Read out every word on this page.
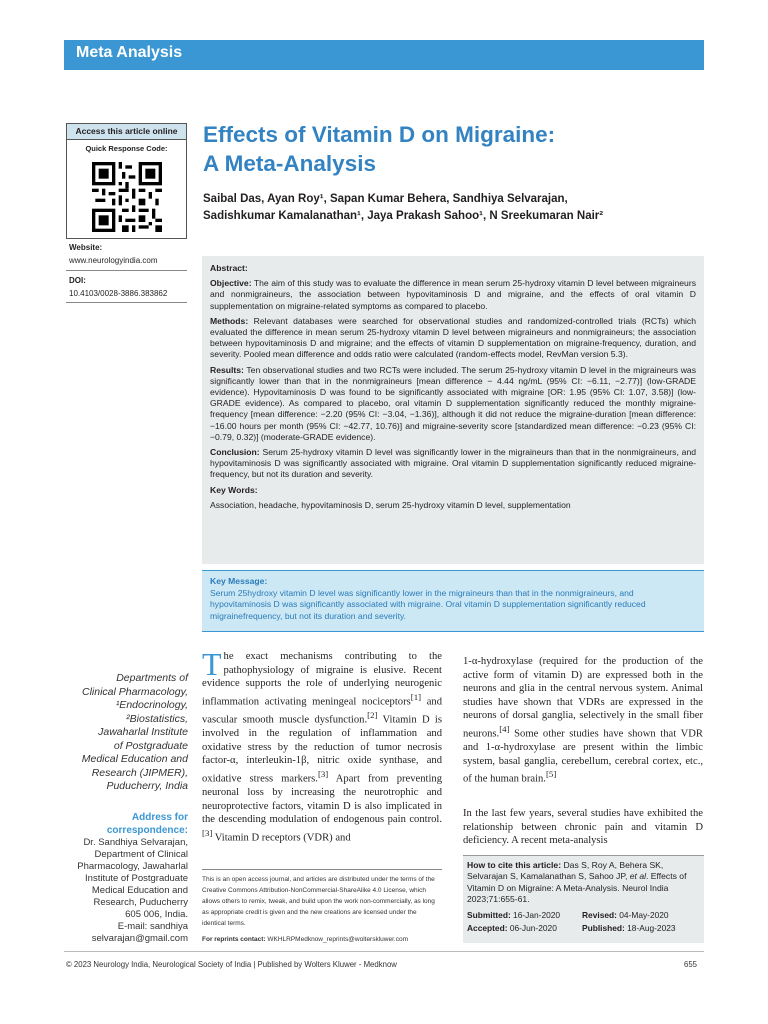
Meta Analysis
Access this article online
Quick Response Code:
Website:
www.neurologyindia.com
DOI:
10.4103/0028-3886.383862
Effects of Vitamin D on Migraine:
A Meta-Analysis
Saibal Das, Ayan Roy¹, Sapan Kumar Behera, Sandhiya Selvarajan,
Sadishkumar Kamalanathan¹, Jaya Prakash Sahoo¹, N Sreekumaran Nair²

Abstract:

Objective: The aim of this study was to evaluate the difference in mean serum 25-hydroxy vitamin D level between migraineurs and nonmigraineurs, the association between hypovitaminosis D and migraine, and the effects of oral vitamin D supplementation on migraine-related symptoms as compared to placebo.

Methods: Relevant databases were searched for observational studies and randomized-controlled trials (RCTs) which evaluated the difference in mean serum 25-hydroxy vitamin D level between migraineurs and nonmigraineurs; the association between hypovitaminosis D and migraine; and the effects of vitamin D supplementation on migraine-frequency, duration, and severity. Pooled mean difference and odds ratio were calculated (random-effects model, RevMan version 5.3).

Results: Ten observational studies and two RCTs were included. The serum 25-hydroxy vitamin D level in the migraineurs was significantly lower than that in the nonmigraineurs [mean difference − 4.44 ng/mL (95% CI: −6.11, −2.77)] (low-GRADE evidence). Hypovitaminosis D was found to be significantly associated with migraine [OR: 1.95 (95% CI: 1.07, 3.58)] (low-GRADE evidence). As compared to placebo, oral vitamin D supplementation significantly reduced the monthly migraine-frequency [mean difference: −2.20 (95% CI: −3.04, −1.36)], although it did not reduce the migraine-duration [mean difference: −16.00 hours per month (95% CI: −42.77, 10.76)] and migraine-severity score [standardized mean difference: −0.23 (95% CI: −0.79, 0.32)] (moderate-GRADE evidence).

Conclusion: Serum 25-hydroxy vitamin D level was significantly lower in the migraineurs than that in the nonmigraineurs, and hypovitaminosis D was significantly associated with migraine. Oral vitamin D supplementation significantly reduced migraine-frequency, but not its duration and severity.

Key Words:

Association, headache, hypovitaminosis D, serum 25-hydroxy vitamin D level, supplementation

Key Message:
Serum 25hydroxy vitamin D level was significantly lower in the migraineurs than that in the nonmigraineurs, and hypovitaminosis D was significantly associated with migraine. Oral vitamin D supplementation significantly reduced migrainefrequency, but not its duration and severity.
Departments of
Clinical Pharmacology,
¹Endocrinology,
²Biostatistics,
Jawaharlal Institute
of Postgraduate
Medical Education and
Research (JIPMER),
Puducherry, India
Address for
correspondence:
Dr. Sandhiya Selvarajan,
Department of Clinical
Pharmacology, Jawaharlal
Institute of Postgraduate
Medical Education and
Research, Puducherry
605 006, India.
E-mail: sandhiya
selvarajan@gmail.com
The exact mechanisms contributing to the pathophysiology of migraine is elusive. Recent evidence supports the role of underlying neurogenic inflammation activating meningeal nociceptors[1] and vascular smooth muscle dysfunction.[2] Vitamin D is involved in the regulation of inflammation and oxidative stress by the reduction of tumor necrosis factor-α, interleukin-1β, nitric oxide synthase, and oxidative stress markers.[3] Apart from preventing neuronal loss by increasing the neurotrophic and neuroprotective factors, vitamin D is also implicated in the descending modulation of endogenous pain control.[3] Vitamin D receptors (VDR) and
1-α-hydroxylase (required for the production of the active form of vitamin D) are expressed both in the neurons and glia in the central nervous system. Animal studies have shown that VDRs are expressed in the neurons of dorsal ganglia, selectively in the small fiber neurons.[4] Some other studies have shown that VDR and 1-α-hydroxylase are present within the limbic system, basal ganglia, cerebellum, cerebral cortex, etc., of the human brain.[5]
In the last few years, several studies have exhibited the relationship between chronic pain and vitamin D deficiency. A recent meta-analysis
This is an open access journal, and articles are distributed under the terms of the Creative Commons Attribution-NonCommercial-ShareAlike 4.0 License, which allows others to remix, tweak, and build upon the work non-commercially, as long as appropriate credit is given and the new creations are licensed under the identical terms.
For reprints contact: WKHLRPMedknow_reprints@wolterskluwer.com
How to cite this article: Das S, Roy A, Behera SK, Selvarajan S, Kamalanathan S, Sahoo JP, et al. Effects of Vitamin D on Migraine: A Meta-Analysis. Neurol India 2023;71:655-61.
Submitted: 16-Jan-2020	Revised: 04-May-2020
Accepted: 06-Jun-2020	Published: 18-Aug-2023
© 2023 Neurology India, Neurological Society of India | Published by Wolters Kluwer - Medknow	655
